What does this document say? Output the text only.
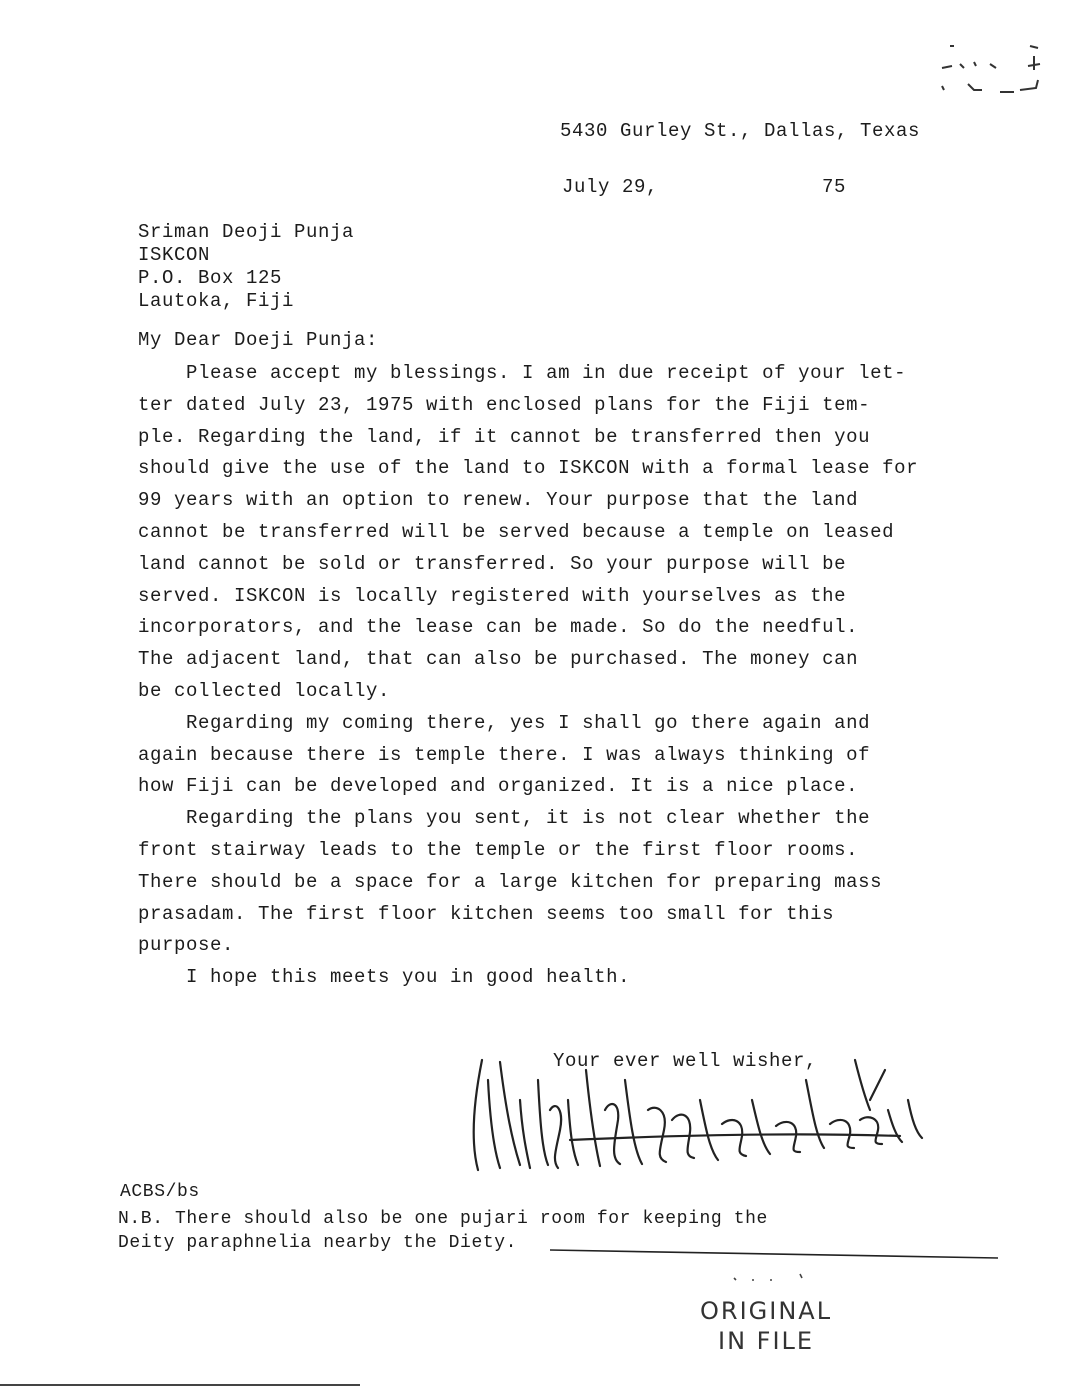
5430 Gurley St., Dallas, Texas
July 29,	75
Sriman Deoji Punja
ISKCON
P.O. Box 125
Lautoka, Fiji
My Dear Doeji Punja:
Please accept my blessings. I am in due receipt of your let-
ter dated July 23, 1975 with enclosed plans for the Fiji tem-
ple. Regarding the land, if it cannot be transferred then you
should give the use of the land to ISKCON with a formal lease for
99 years with an option to renew. Your purpose that the land
cannot be transferred will be served because a temple on leased
land cannot be sold or transferred. So your purpose will be
served. ISKCON is locally registered with yourselves as the
incorporators, and the lease can be made. So do the needful.
The adjacent land, that can also be purchased. The money can
be collected locally.
Regarding my coming there, yes I shall go there again and
again because there is temple there. I was always thinking of
how Fiji can be developed and organized. It is a nice place.
Regarding the plans you sent, it is not clear whether the
front stairway leads to the temple or the first floor rooms.
There should be a space for a large kitchen for preparing mass
prasadam. The first floor kitchen seems too small for this
purpose.
I hope this meets you in good health.
Your ever well wisher,
ACBS/bs
N.B. There should also be one pujari room for keeping the
Deity paraphnelia nearby the Diety.
ORIGINAL
IN FILE
